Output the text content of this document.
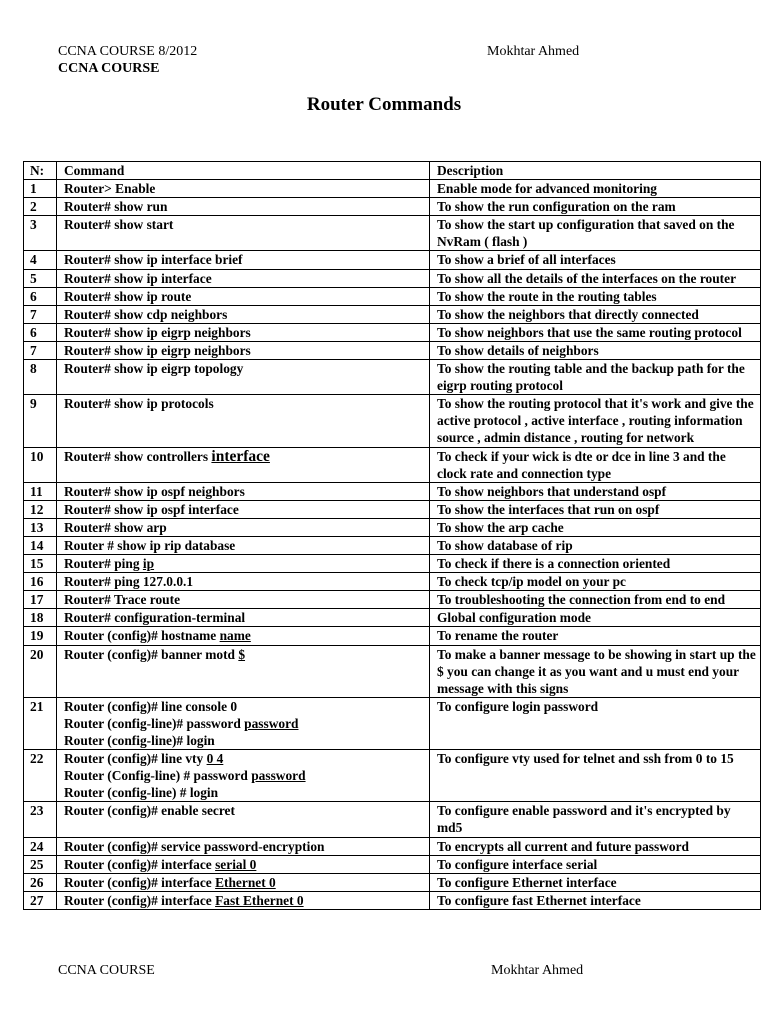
CCNA COURSE 8/2012
CCNA COURSE
Mokhtar Ahmed
Router Commands
N:	Command	Description
1	Router> Enable	Enable mode for advanced monitoring
2	Router# show run	To show the run configuration on the ram
3	Router# show start	To show the start up configuration that saved on the NvRam ( flash )
4	Router# show ip interface brief	To show a brief of all interfaces
5	Router# show ip interface	To show all the details of the interfaces on the router
6	Router# show ip route	To show the route in the routing tables
7	Router# show cdp neighbors	To show the neighbors that directly connected
6	Router# show ip eigrp neighbors	To show neighbors that use the same routing protocol
7	Router# show ip eigrp neighbors	To show details of neighbors
8	Router# show ip eigrp topology	To show the routing table and the backup path for the eigrp routing protocol
9	Router# show ip protocols	To show the routing protocol that it's work and give the active protocol , active interface , routing information source , admin distance , routing for network
10	Router# show controllers interface	To check if your wick is dte or dce in line 3 and the clock rate and connection type
11	Router# show ip ospf neighbors	To show neighbors that understand ospf
12	Router# show ip ospf interface	To show the interfaces that run on ospf
13	Router# show arp	To show the arp cache
14	Router # show ip rip database	To show database of rip
15	Router# ping ip	To check if there is a connection oriented
16	Router# ping 127.0.0.1	To check tcp/ip model on your pc
17	Router# Trace route	To troubleshooting the connection from end to end
18	Router# configuration-terminal	Global configuration mode
19	Router (config)# hostname name	To rename the router
20	Router (config)# banner motd $	To make a banner message to be showing in start up the $ you can change it as you want and u must end your message with this signs
21	Router (config)# line console 0
Router (config-line)# password password
Router (config-line)# login	To configure login password
22	Router (config)# line vty 0 4
Router (Config-line) # password password
Router (config-line) # login	To configure vty used for telnet and ssh from 0 to 15
23	Router (config)# enable secret	To configure enable password and it's encrypted by md5
24	Router (config)# service password-encryption	To encrypts all current and future password
25	Router (config)# interface serial 0	To configure interface serial
26	Router (config)# interface Ethernet 0	To configure Ethernet interface
27	Router (config)# interface Fast Ethernet 0	To configure fast Ethernet interface
CCNA COURSE	Mokhtar Ahmed
